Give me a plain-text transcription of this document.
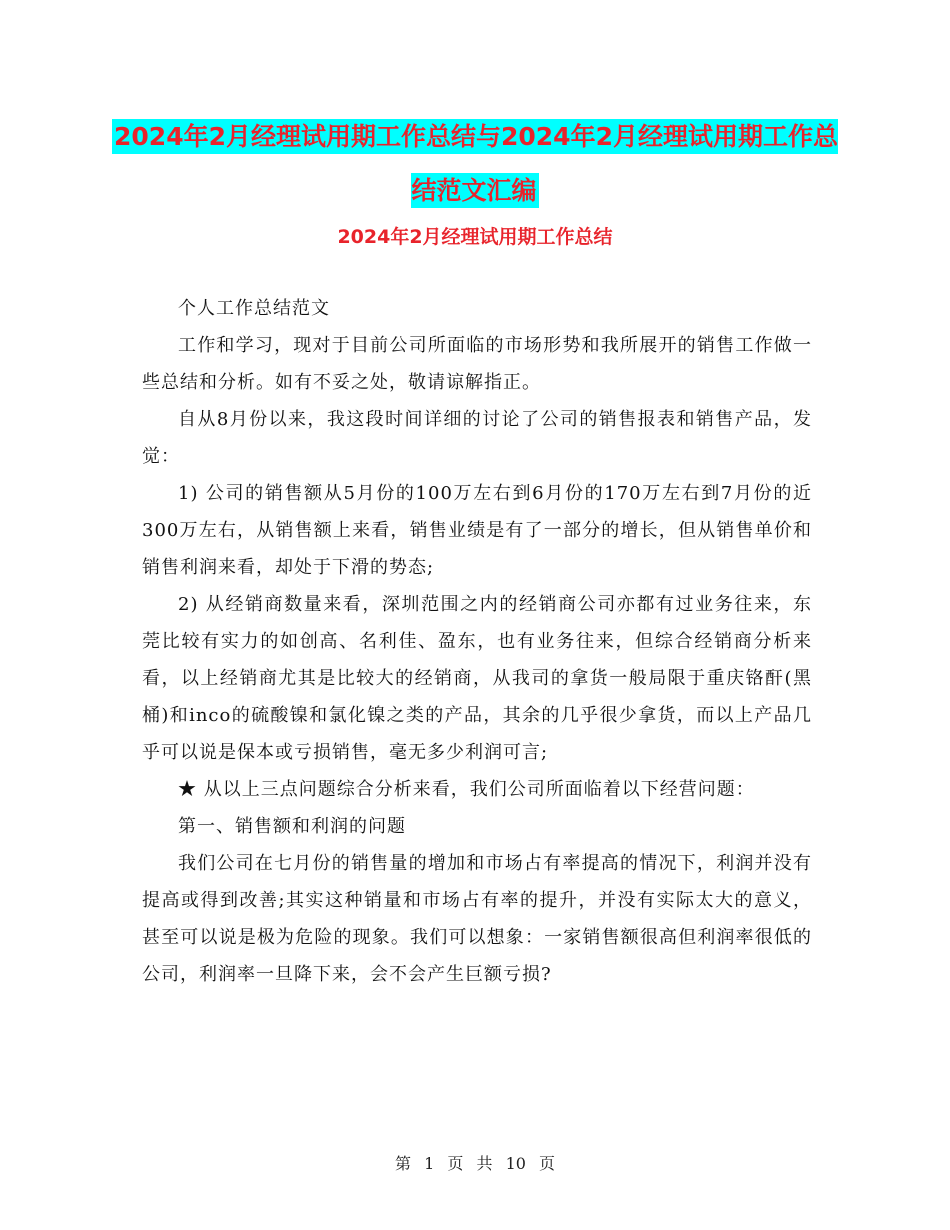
2024年2月经理试用期工作总结与2024年2月经理试用期工作总结范文汇编
2024年2月经理试用期工作总结

个人工作总结范文

工作和学习，现对于目前公司所面临的市场形势和我所展开的销售工作做一些总结和分析。如有不妥之处，敬请谅解指正。

自从8月份以来，我这段时间详细的讨论了公司的销售报表和销售产品，发觉：

1) 公司的销售额从5月份的100万左右到6月份的170万左右到7月份的近300万左右，从销售额上来看，销售业绩是有了一部分的增长，但从销售单价和销售利润来看，却处于下滑的势态;

2) 从经销商数量来看，深圳范围之内的经销商公司亦都有过业务往来，东莞比较有实力的如创高、名利佳、盈东，也有业务往来，但综合经销商分析来看，以上经销商尤其是比较大的经销商，从我司的拿货一般局限于重庆铬酐(黑桶)和inco的硫酸镍和氯化镍之类的产品，其余的几乎很少拿货，而以上产品几乎可以说是保本或亏损销售，毫无多少利润可言;

★ 从以上三点问题综合分析来看，我们公司所面临着以下经营问题：

第一、销售额和利润的问题

我们公司在七月份的销售量的增加和市场占有率提高的情况下，利润并没有提高或得到改善;其实这种销量和市场占有率的提升，并没有实际太大的意义，甚至可以说是极为危险的现象。我们可以想象：一家销售额很高但利润率很低的公司，利润率一旦降下来，会不会产生巨额亏损?

第 1 页 共 10 页
